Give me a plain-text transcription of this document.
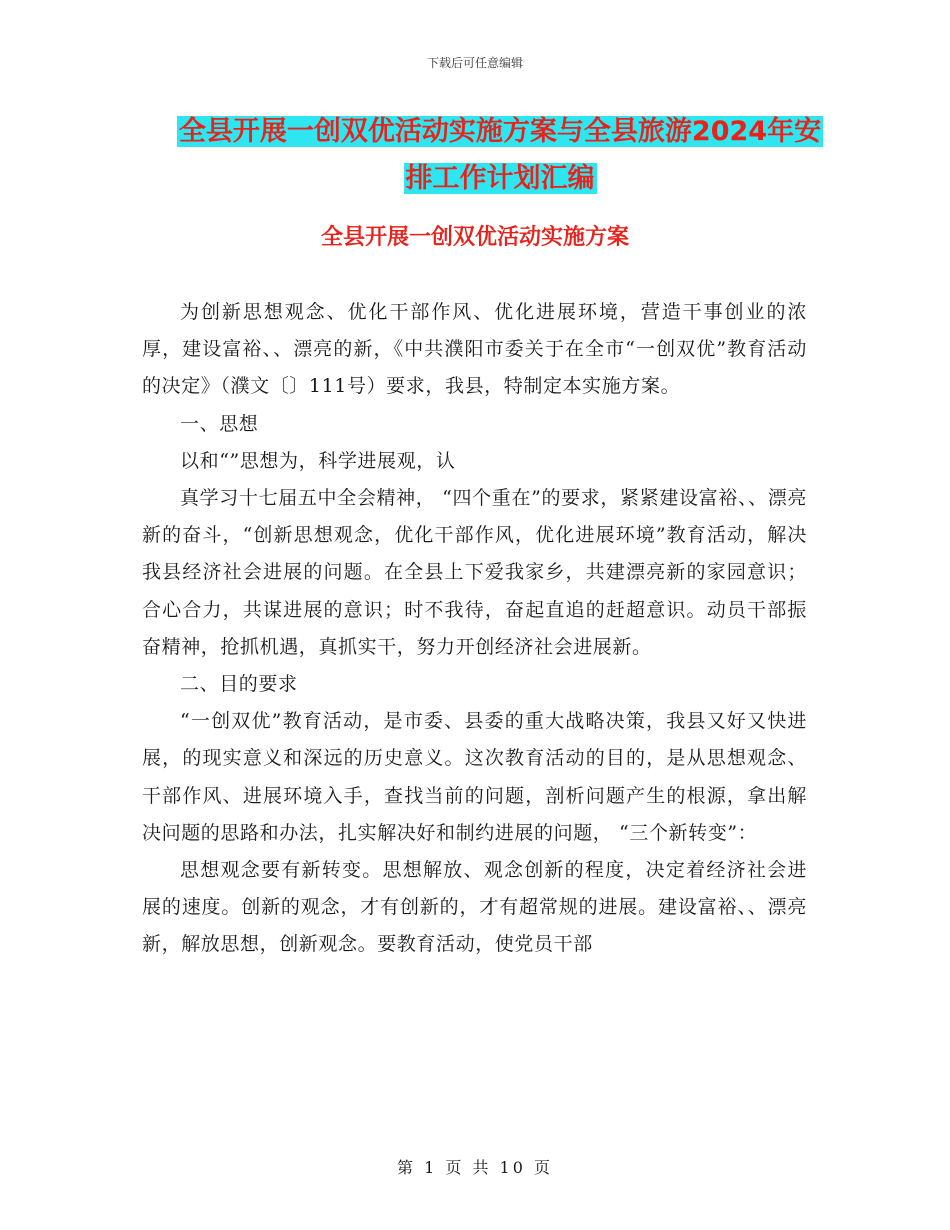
下载后可任意编辑
全县开展一创双优活动实施方案与全县旅游2024年安
排工作计划汇编
全县开展一创双优活动实施方案

为创新思想观念、优化干部作风、优化进展环境，营造干事创业的浓厚，建设富裕、、漂亮的新，《中共濮阳市委关于在全市“一创双优”教育活动的决定》（濮文〔〕111号）要求，我县，特制定本实施方案。

一、思想

以和“”思想为，科学进展观，认

真学习十七届五中全会精神， “四个重在”的要求，紧紧建设富裕、、漂亮新的奋斗，“创新思想观念，优化干部作风，优化进展环境”教育活动，解决我县经济社会进展的问题。在全县上下爱我家乡，共建漂亮新的家园意识；合心合力，共谋进展的意识；时不我待，奋起直追的赶超意识。动员干部振奋精神，抢抓机遇，真抓实干，努力开创经济社会进展新。

二、目的要求

“一创双优”教育活动，是市委、县委的重大战略决策，我县又好又快进展，的现实意义和深远的历史意义。这次教育活动的目的，是从思想观念、干部作风、进展环境入手，查找当前的问题，剖析问题产生的根源，拿出解决问题的思路和办法，扎实解决好和制约进展的问题， “三个新转变”：

思想观念要有新转变。思想解放、观念创新的程度，决定着经济社会进展的速度。创新的观念，才有创新的，才有超常规的进展。建设富裕、、漂亮新，解放思想，创新观念。要教育活动，使党员干部

第 1 页 共 10 页
